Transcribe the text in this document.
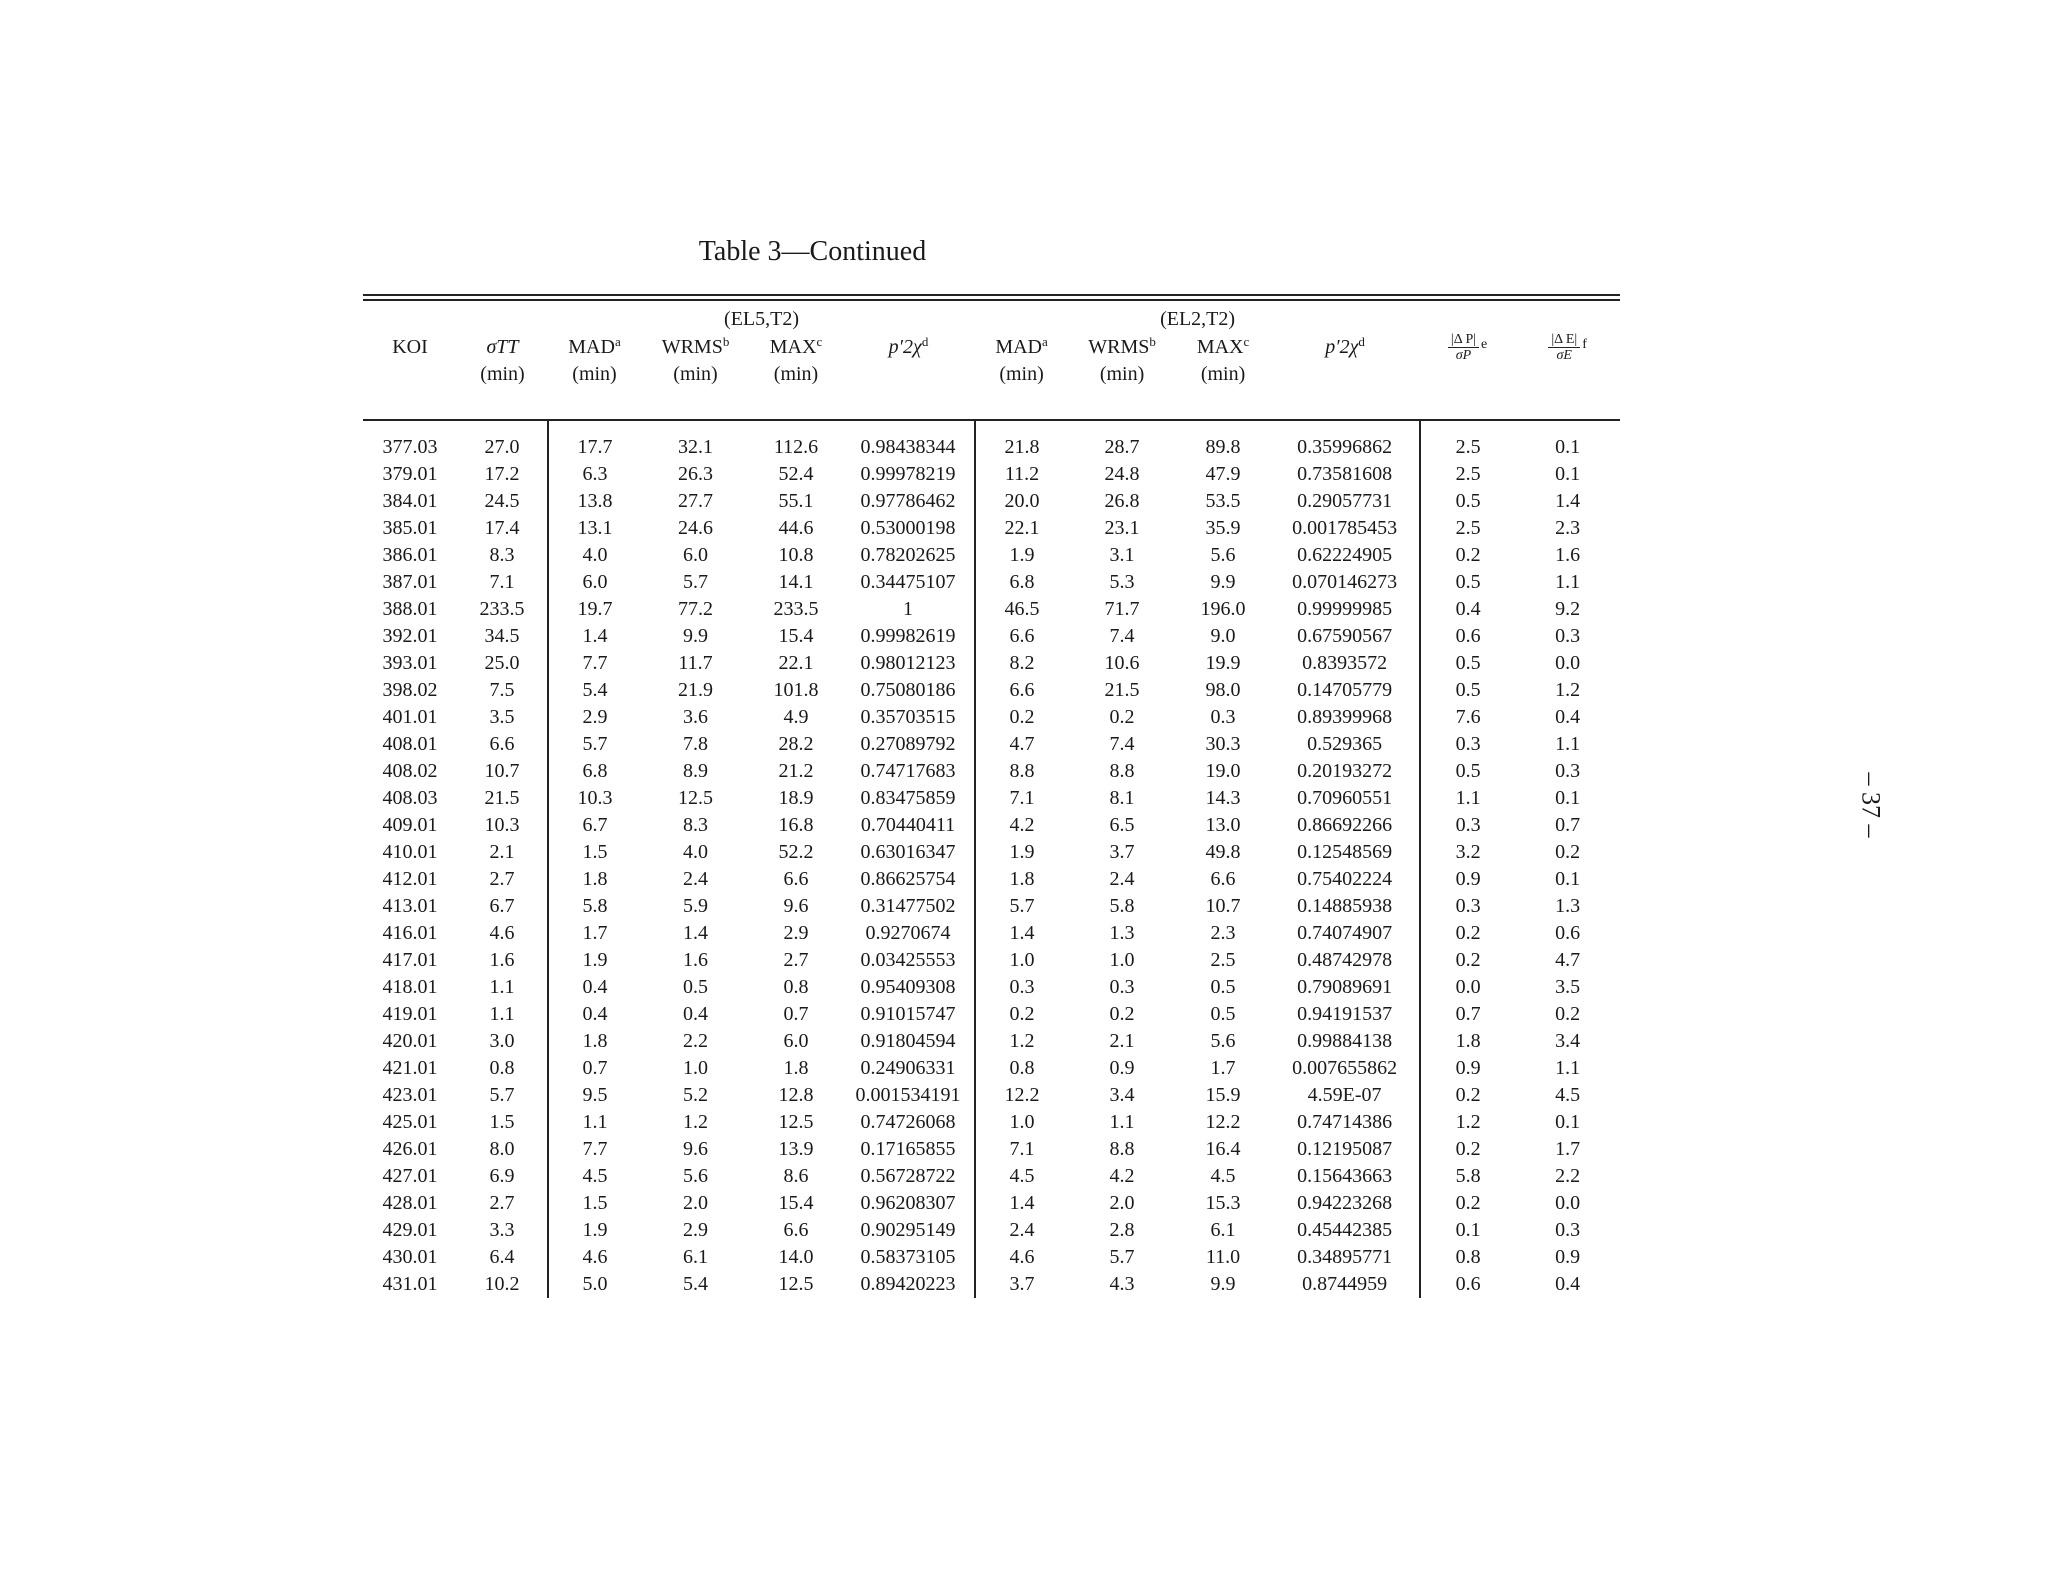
Table 3—Continued
		(EL5,T2)				(EL2,T2)					
KOI	σTT	MAD$^a$	WRMS$^b$	MAX$^c$	$p'2\chi^d$	MAD$^a$	WRMS$^b$	MAX$^c$	$p'2\chi^d$	$\frac{\text{|Δ P|}}{\sigma P} ^e$	$\frac{\text{|Δ E|}}{\sigma E} ^f$
	(min)	(min)	(min)	(min)		(min)	(min)	(min)			

377.03	27.0	17.7	32.1	112.6	0.98438344	21.8	28.7	89.8	0.35996862	2.5	0.1
379.01	17.2	6.3	26.3	52.4	0.99978219	11.2	24.8	47.9	0.73581608	2.5	0.1
384.01	24.5	13.8	27.7	55.1	0.97786462	20.0	26.8	53.5	0.29057731	0.5	1.4
385.01	17.4	13.1	24.6	44.6	0.53000198	22.1	23.1	35.9	0.001785453	2.5	2.3
386.01	8.3	4.0	6.0	10.8	0.78202625	1.9	3.1	5.6	0.62224905	0.2	1.6
387.01	7.1	6.0	5.7	14.1	0.34475107	6.8	5.3	9.9	0.070146273	0.5	1.1
388.01	233.5	19.7	77.2	233.5	1	46.5	71.7	196.0	0.99999985	0.4	9.2
392.01	34.5	1.4	9.9	15.4	0.99982619	6.6	7.4	9.0	0.67590567	0.6	0.3
393.01	25.0	7.7	11.7	22.1	0.98012123	8.2	10.6	19.9	0.8393572	0.5	0.0
398.02	7.5	5.4	21.9	101.8	0.75080186	6.6	21.5	98.0	0.14705779	0.5	1.2
401.01	3.5	2.9	3.6	4.9	0.35703515	0.2	0.2	0.3	0.89399968	7.6	0.4
408.01	6.6	5.7	7.8	28.2	0.27089792	4.7	7.4	30.3	0.529365	0.3	1.1
408.02	10.7	6.8	8.9	21.2	0.74717683	8.8	8.8	19.0	0.20193272	0.5	0.3
408.03	21.5	10.3	12.5	18.9	0.83475859	7.1	8.1	14.3	0.70960551	1.1	0.1
409.01	10.3	6.7	8.3	16.8	0.70440411	4.2	6.5	13.0	0.86692266	0.3	0.7
410.01	2.1	1.5	4.0	52.2	0.63016347	1.9	3.7	49.8	0.12548569	3.2	0.2
412.01	2.7	1.8	2.4	6.6	0.86625754	1.8	2.4	6.6	0.75402224	0.9	0.1
413.01	6.7	5.8	5.9	9.6	0.31477502	5.7	5.8	10.7	0.14885938	0.3	1.3
416.01	4.6	1.7	1.4	2.9	0.9270674	1.4	1.3	2.3	0.74074907	0.2	0.6
417.01	1.6	1.9	1.6	2.7	0.03425553	1.0	1.0	2.5	0.48742978	0.2	4.7
418.01	1.1	0.4	0.5	0.8	0.95409308	0.3	0.3	0.5	0.79089691	0.0	3.5
419.01	1.1	0.4	0.4	0.7	0.91015747	0.2	0.2	0.5	0.94191537	0.7	0.2
420.01	3.0	1.8	2.2	6.0	0.91804594	1.2	2.1	5.6	0.99884138	1.8	3.4
421.01	0.8	0.7	1.0	1.8	0.24906331	0.8	0.9	1.7	0.007655862	0.9	1.1
423.01	5.7	9.5	5.2	12.8	0.001534191	12.2	3.4	15.9	4.59E-07	0.2	4.5
425.01	1.5	1.1	1.2	12.5	0.74726068	1.0	1.1	12.2	0.74714386	1.2	0.1
426.01	8.0	7.7	9.6	13.9	0.17165855	7.1	8.8	16.4	0.12195087	0.2	1.7
427.01	6.9	4.5	5.6	8.6	0.56728722	4.5	4.2	4.5	0.15643663	5.8	2.2
428.01	2.7	1.5	2.0	15.4	0.96208307	1.4	2.0	15.3	0.94223268	0.2	0.0
429.01	3.3	1.9	2.9	6.6	0.90295149	2.4	2.8	6.1	0.45442385	0.1	0.3
430.01	6.4	4.6	6.1	14.0	0.58373105	4.6	5.7	11.0	0.34895771	0.8	0.9
431.01	10.2	5.0	5.4	12.5	0.89420223	3.7	4.3	9.9	0.8744959	0.6	0.4
– 37 –
